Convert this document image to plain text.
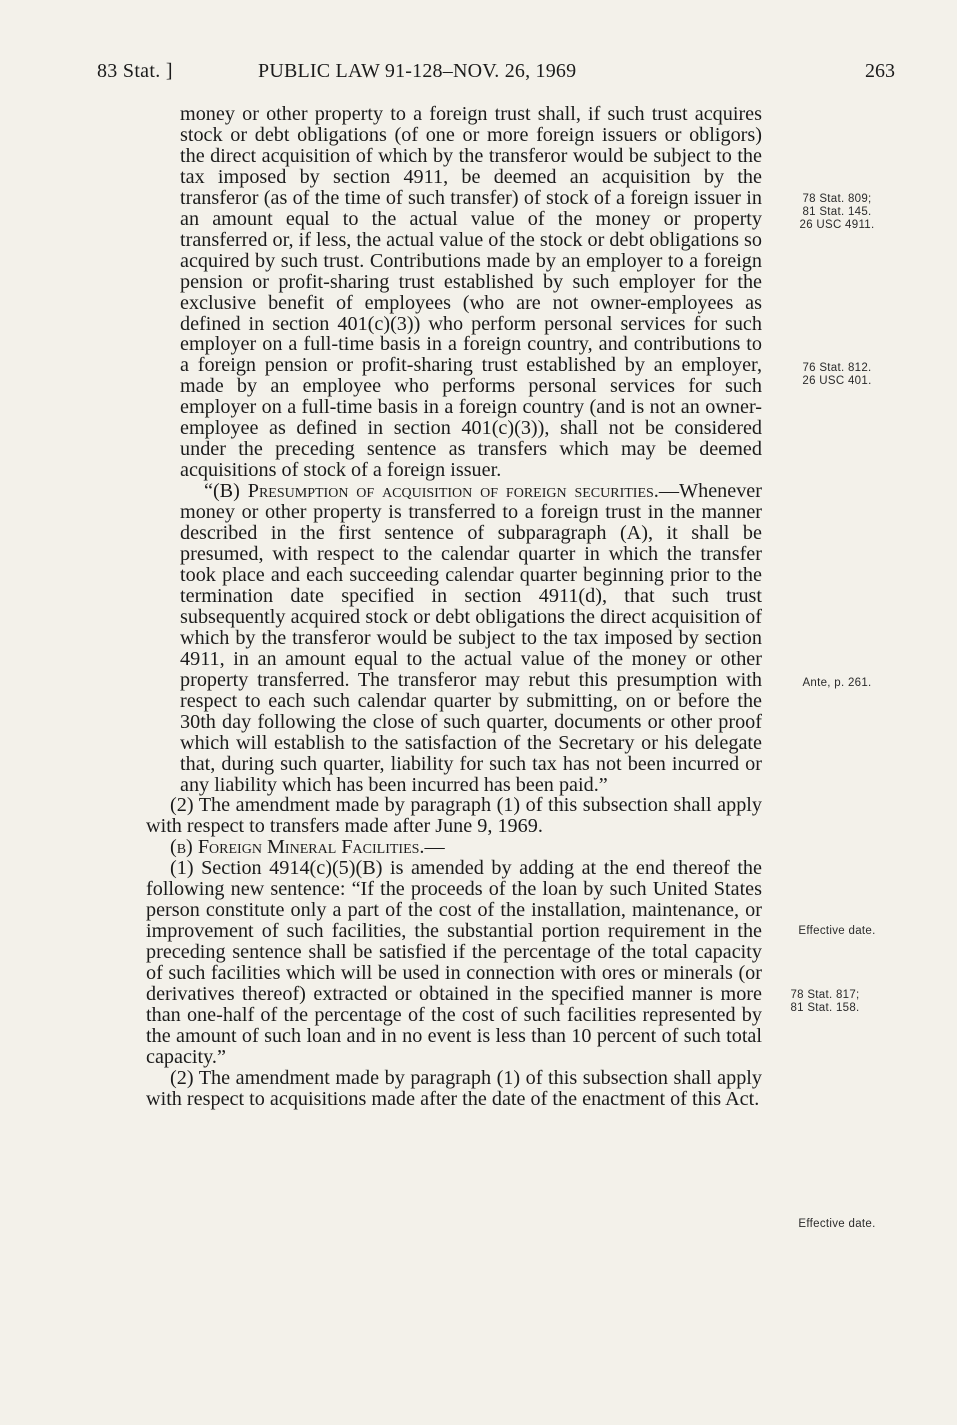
83 Stat. ]	PUBLIC LAW 91-128–NOV. 26, 1969	263

money or other property to a foreign trust shall, if such trust acquires stock or debt obligations (of one or more foreign issuers or obligors) the direct acquisition of which by the transferor would be subject to the tax imposed by section 4911, be deemed an acquisition by the transferor (as of the time of such transfer) of stock of a foreign issuer in an amount equal to the actual value of the money or property transferred or, if less, the actual value of the stock or debt obligations so acquired by such trust. Contributions made by an employer to a foreign pension or profit-sharing trust established by such employer for the exclusive benefit of employees (who are not owner-employees as defined in section 401(c)(3)) who perform personal services for such employer on a full-time basis in a foreign country, and contributions to a foreign pension or profit-sharing trust established by an employer, made by an employee who performs personal services for such employer on a full-time basis in a foreign country (and is not an owner-employee as defined in section 401(c)(3)), shall not be considered under the preceding sentence as transfers which may be deemed acquisitions of stock of a foreign issuer.

“(B) Presumption of acquisition of foreign securities.—Whenever money or other property is transferred to a foreign trust in the manner described in the first sentence of subparagraph (A), it shall be presumed, with respect to the calendar quarter in which the transfer took place and each succeeding calendar quarter beginning prior to the termination date specified in section 4911(d), that such trust subsequently acquired stock or debt obligations the direct acquisition of which by the transferor would be subject to the tax imposed by section 4911, in an amount equal to the actual value of the money or other property transferred. The transferor may rebut this presumption with respect to each such calendar quarter by submitting, on or before the 30th day following the close of such quarter, documents or other proof which will establish to the satisfaction of the Secretary or his delegate that, during such quarter, liability for such tax has not been incurred or any liability which has been incurred has been paid.”

(2) The amendment made by paragraph (1) of this subsection shall apply with respect to transfers made after June 9, 1969.

(b) Foreign Mineral Facilities.—

(1) Section 4914(c)(5)(B) is amended by adding at the end thereof the following new sentence: “If the proceeds of the loan by such United States person constitute only a part of the cost of the installation, maintenance, or improvement of such facilities, the substantial portion requirement in the preceding sentence shall be satisfied if the percentage of the total capacity of such facilities which will be used in connection with ores or minerals (or derivatives thereof) extracted or obtained in the specified manner is more than one-half of the percentage of the cost of such facilities represented by the amount of such loan and in no event is less than 10 percent of such total capacity.”

(2) The amendment made by paragraph (1) of this subsection shall apply with respect to acquisitions made after the date of the enactment of this Act.

78 Stat. 809;
81 Stat. 145.
26 USC 4911.
76 Stat. 812.
26 USC 401.
Ante, p. 261.
Effective date.
78 Stat. 817;
81 Stat. 158.
Effective date.
